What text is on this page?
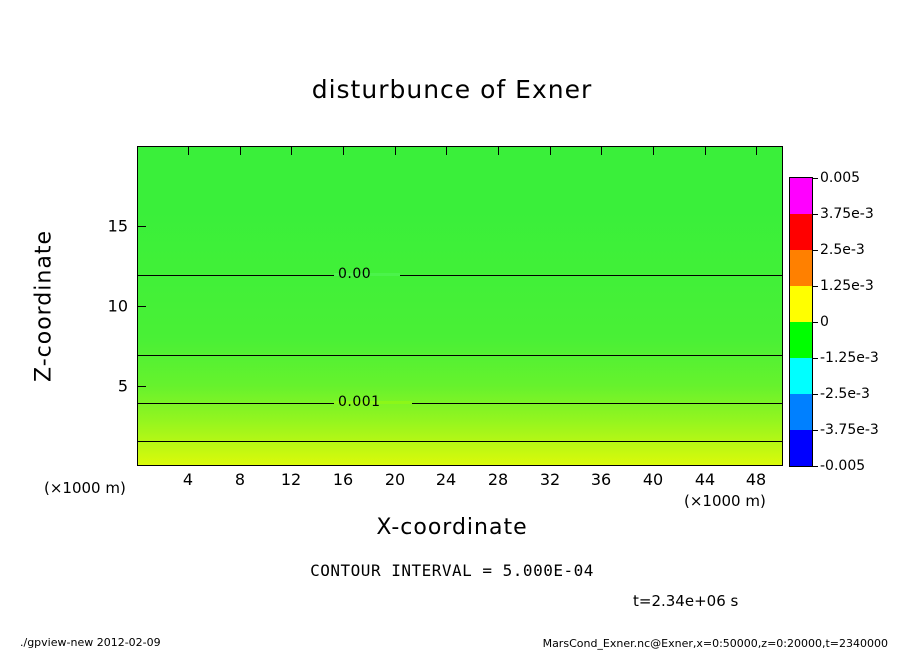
disturbunce of Exner
0.00
0.001
15
10
5
4	8 12 16 20 24 28 32 36 40 44 48
(×1000 m)
(×1000 m)
X-coordinate
Z-coordinate
CONTOUR INTERVAL = 5.000E-04
t=2.34e+06 s
./gpview-new 2012-02-09	MarsCond_Exner.nc@Exner,x=0:50000,z=0:20000,t=2340000
0.005
3.75e-3
2.5e-3
1.25e-3
0
-1.25e-3
-2.5e-3
-3.75e-3
-0.005
